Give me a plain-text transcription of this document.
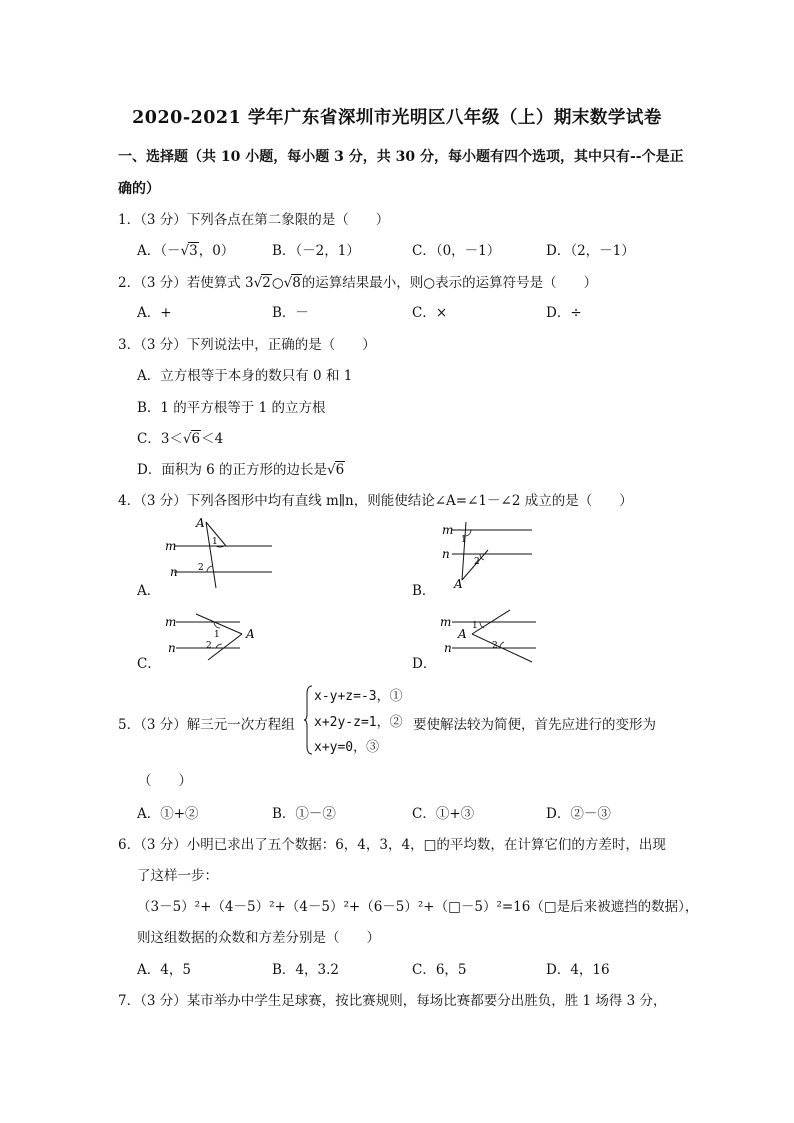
2020-2021 学年广东省深圳市光明区八年级（上）期末数学试卷
一、选择题（共 10 小题，每小题 3 分，共 30 分，每小题有四个选项，其中只有--个是正
确的）
1．（3 分）下列各点在第二象限的是（　　）
A．（－√3，0）	B．（－2，1）	C．（0，－1）	D．（2，－1）
2．（3 分）若使算式 3√2○√8的运算结果最小，则○表示的运算符号是（　　）
A．+	B．－	C．×	D．÷
3．（3 分）下列说法中，正确的是（　　）
A．立方根等于本身的数只有 0 和 1
B．1 的平方根等于 1 的立方根
C．3＜√6＜4
D．面积为 6 的正方形的边长是√6
4．（3 分）下列各图形中均有直线 m∥n，则能使结论∠A=∠1－∠2 成立的是（　　）
m
n
A
1
2
A．
m
n
A
1
2
B．
m
n
A
1
2
C．
m
n
A
1
2
D．
5．（3 分）解三元一次方程组
x-y+z=-3，①
x+2y-z=1，②
x+y=0，③
要使解法较为简便，首先应进行的变形为
（　　）
A．①+②	B．①－②	C．①+③	D．②－③
6．（3 分）小明已求出了五个数据：6，4，3，4，□的平均数，在计算它们的方差时，出现
了这样一步：
（3－5）²+（4－5）²+（4－5）²+（6－5）²+（□－5）²=16（□是后来被遮挡的数据），
则这组数据的众数和方差分别是（　　）
A．4，5	B．4，3.2	C．6，5	D．4，16
7．（3 分）某市举办中学生足球赛，按比赛规则，每场比赛都要分出胜负，胜 1 场得 3 分，
